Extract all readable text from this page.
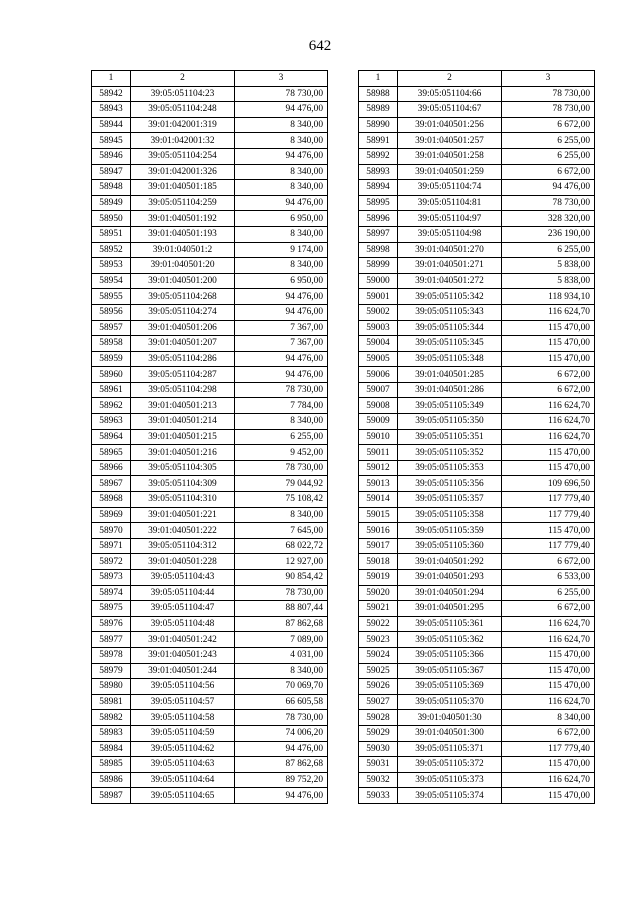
642
1	2	3
58942	39:05:051104:23	78 730,00
58943	39:05:051104:248	94 476,00
58944	39:01:042001:319	8 340,00
58945	39:01:042001:32	8 340,00
58946	39:05:051104:254	94 476,00
58947	39:01:042001:326	8 340,00
58948	39:01:040501:185	8 340,00
58949	39:05:051104:259	94 476,00
58950	39:01:040501:192	6 950,00
58951	39:01:040501:193	8 340,00
58952	39:01:040501:2	9 174,00
58953	39:01:040501:20	8 340,00
58954	39:01:040501:200	6 950,00
58955	39:05:051104:268	94 476,00
58956	39:05:051104:274	94 476,00
58957	39:01:040501:206	7 367,00
58958	39:01:040501:207	7 367,00
58959	39:05:051104:286	94 476,00
58960	39:05:051104:287	94 476,00
58961	39:05:051104:298	78 730,00
58962	39:01:040501:213	7 784,00
58963	39:01:040501:214	8 340,00
58964	39:01:040501:215	6 255,00
58965	39:01:040501:216	9 452,00
58966	39:05:051104:305	78 730,00
58967	39:05:051104:309	79 044,92
58968	39:05:051104:310	75 108,42
58969	39:01:040501:221	8 340,00
58970	39:01:040501:222	7 645,00
58971	39:05:051104:312	68 022,72
58972	39:01:040501:228	12 927,00
58973	39:05:051104:43	90 854,42
58974	39:05:051104:44	78 730,00
58975	39:05:051104:47	88 807,44
58976	39:05:051104:48	87 862,68
58977	39:01:040501:242	7 089,00
58978	39:01:040501:243	4 031,00
58979	39:01:040501:244	8 340,00
58980	39:05:051104:56	70 069,70
58981	39:05:051104:57	66 605,58
58982	39:05:051104:58	78 730,00
58983	39:05:051104:59	74 006,20
58984	39:05:051104:62	94 476,00
58985	39:05:051104:63	87 862,68
58986	39:05:051104:64	89 752,20
58987	39:05:051104:65	94 476,00
1	2	3
58988	39:05:051104:66	78 730,00
58989	39:05:051104:67	78 730,00
58990	39:01:040501:256	6 672,00
58991	39:01:040501:257	6 255,00
58992	39:01:040501:258	6 255,00
58993	39:01:040501:259	6 672,00
58994	39:05:051104:74	94 476,00
58995	39:05:051104:81	78 730,00
58996	39:05:051104:97	328 320,00
58997	39:05:051104:98	236 190,00
58998	39:01:040501:270	6 255,00
58999	39:01:040501:271	5 838,00
59000	39:01:040501:272	5 838,00
59001	39:05:051105:342	118 934,10
59002	39:05:051105:343	116 624,70
59003	39:05:051105:344	115 470,00
59004	39:05:051105:345	115 470,00
59005	39:05:051105:348	115 470,00
59006	39:01:040501:285	6 672,00
59007	39:01:040501:286	6 672,00
59008	39:05:051105:349	116 624,70
59009	39:05:051105:350	116 624,70
59010	39:05:051105:351	116 624,70
59011	39:05:051105:352	115 470,00
59012	39:05:051105:353	115 470,00
59013	39:05:051105:356	109 696,50
59014	39:05:051105:357	117 779,40
59015	39:05:051105:358	117 779,40
59016	39:05:051105:359	115 470,00
59017	39:05:051105:360	117 779,40
59018	39:01:040501:292	6 672,00
59019	39:01:040501:293	6 533,00
59020	39:01:040501:294	6 255,00
59021	39:01:040501:295	6 672,00
59022	39:05:051105:361	116 624,70
59023	39:05:051105:362	116 624,70
59024	39:05:051105:366	115 470,00
59025	39:05:051105:367	115 470,00
59026	39:05:051105:369	115 470,00
59027	39:05:051105:370	116 624,70
59028	39:01:040501:30	8 340,00
59029	39:01:040501:300	6 672,00
59030	39:05:051105:371	117 779,40
59031	39:05:051105:372	115 470,00
59032	39:05:051105:373	116 624,70
59033	39:05:051105:374	115 470,00
